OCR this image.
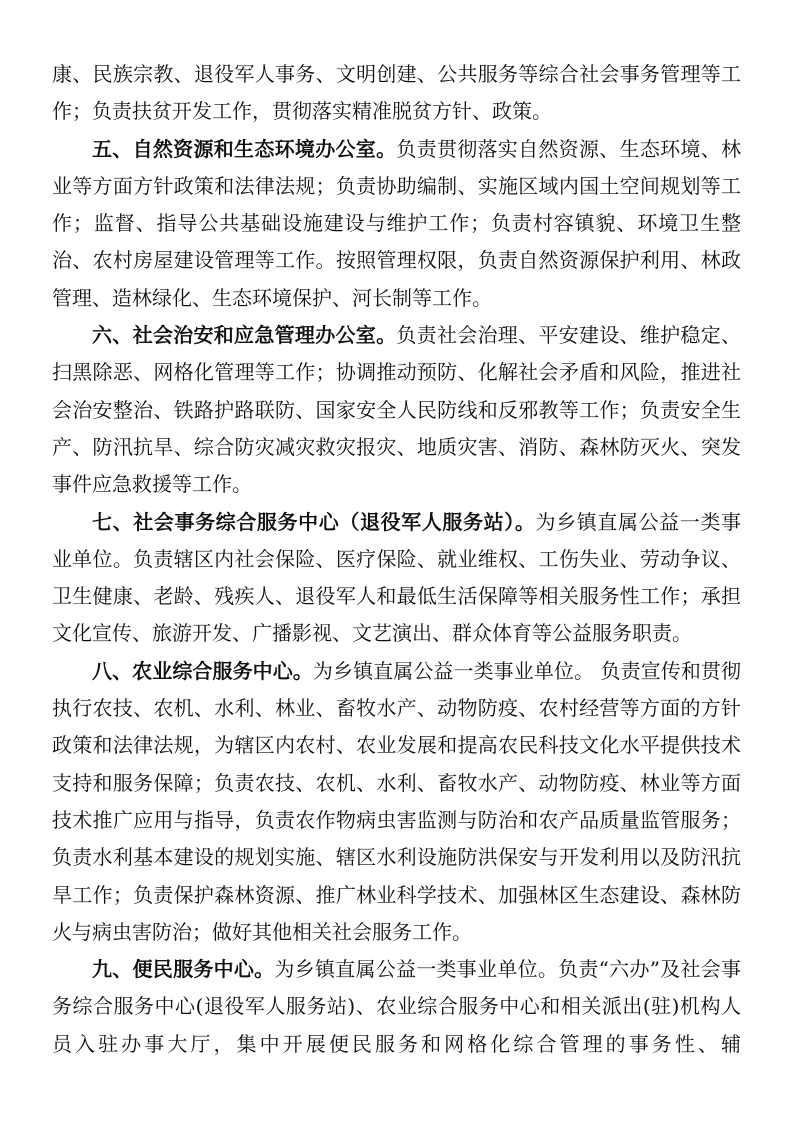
康、民族宗教、退役军人事务、文明创建、公共服务等综合社会事务管理等工作；负责扶贫开发工作，贯彻落实精准脱贫方针、政策。

五、自然资源和生态环境办公室。负责贯彻落实自然资源、生态环境、林业等方面方针政策和法律法规；负责协助编制、实施区域内国土空间规划等工作；监督、指导公共基础设施建设与维护工作；负责村容镇貌、环境卫生整治、农村房屋建设管理等工作。按照管理权限，负责自然资源保护利用、林政管理、造林绿化、生态环境保护、河长制等工作。

六、社会治安和应急管理办公室。负责社会治理、平安建设、维护稳定、扫黑除恶、网格化管理等工作；协调推动预防、化解社会矛盾和风险，推进社会治安整治、铁路护路联防、国家安全人民防线和反邪教等工作；负责安全生产、防汛抗旱、综合防灾减灾救灾报灾、地质灾害、消防、森林防灭火、突发事件应急救援等工作。

七、社会事务综合服务中心（退役军人服务站）。为乡镇直属公益一类事业单位。负责辖区内社会保险、医疗保险、就业维权、工伤失业、劳动争议、卫生健康、老龄、残疾人、退役军人和最低生活保障等相关服务性工作；承担文化宣传、旅游开发、广播影视、文艺演出、群众体育等公益服务职责。

八、农业综合服务中心。为乡镇直属公益一类事业单位。 负责宣传和贯彻执行农技、农机、水利、林业、畜牧水产、动物防疫、农村经营等方面的方针政策和法律法规，为辖区内农村、农业发展和提高农民科技文化水平提供技术支持和服务保障；负责农技、农机、水利、畜牧水产、动物防疫、林业等方面技术推广应用与指导，负责农作物病虫害监测与防治和农产品质量监管服务；负责水利基本建设的规划实施、辖区水利设施防洪保安与开发利用以及防汛抗旱工作；负责保护森林资源、推广林业科学技术、加强林区生态建设、森林防火与病虫害防治；做好其他相关社会服务工作。

九、便民服务中心。为乡镇直属公益一类事业单位。负责“六办”及社会事务综合服务中心(退役军人服务站)、农业综合服务中心和相关派出(驻)机构人员入驻办事大厅，集中开展便民服务和网格化综合管理的事务性、辅
